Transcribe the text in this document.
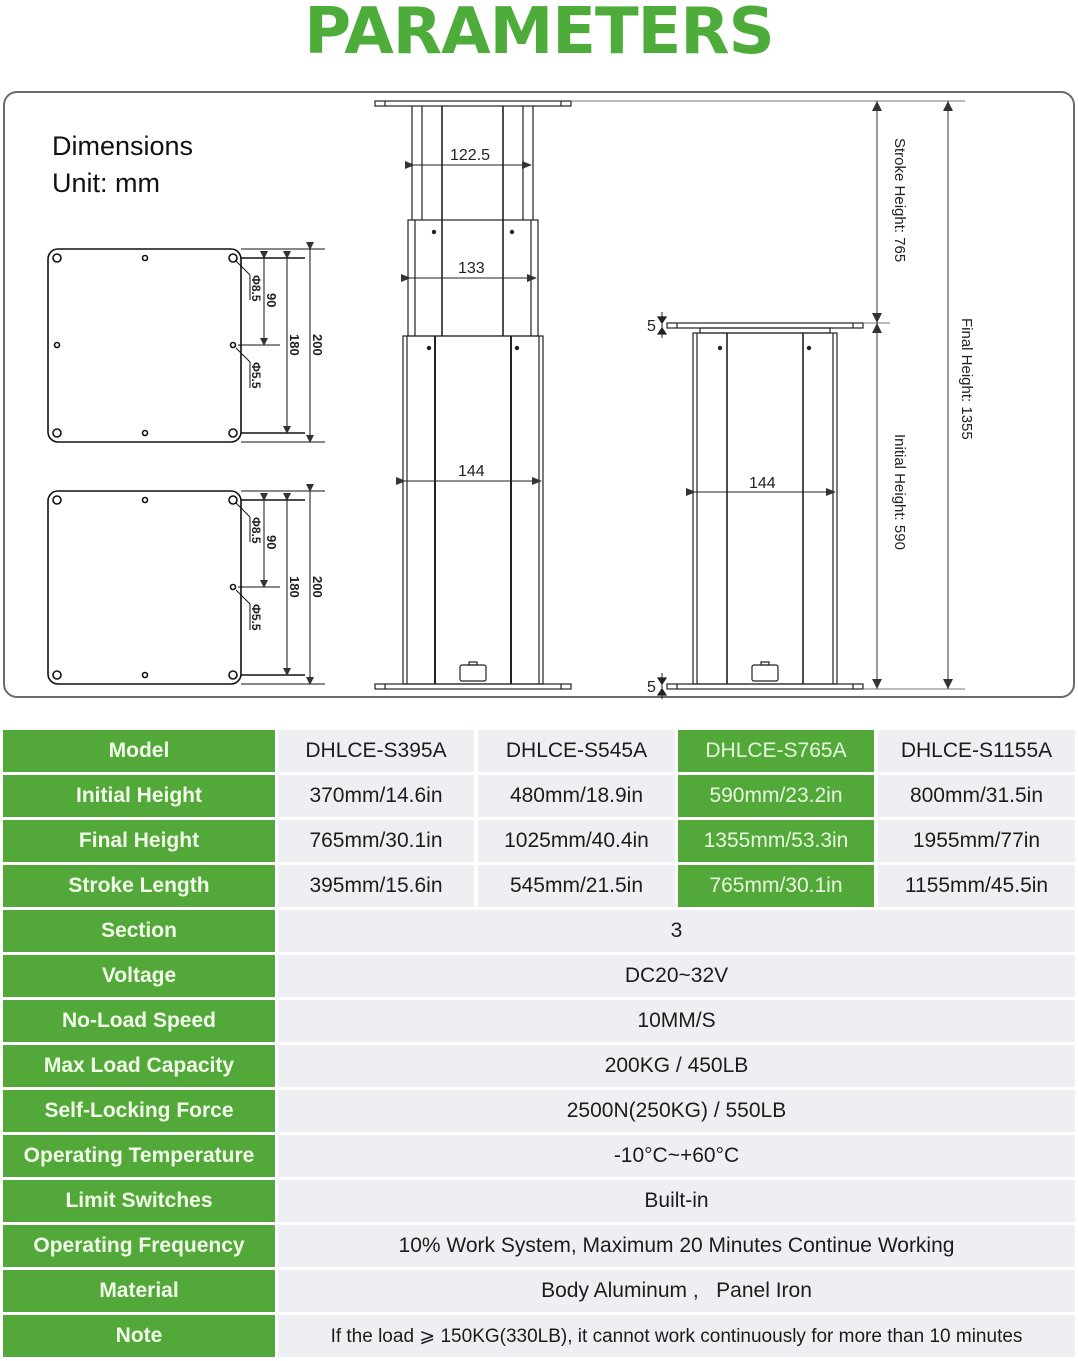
PARAMETERS
Dimensions
Unit: mm
Φ8.5
Φ5.5
90
180 200
Φ8.5
Φ5.5
90
180 200
122.5
133
144
144
5
5
Stroke Height: 765
Initial Height: 590
Final Height: 1355
Model	DHLCE-S395A	DHLCE-S545A	DHLCE-S765A	DHLCE-S1155A
Initial Height	370mm/14.6in	480mm/18.9in	590mm/23.2in	800mm/31.5in
Final Height	765mm/30.1in	1025mm/40.4in	1355mm/53.3in	1955mm/77in
Stroke Length	395mm/15.6in	545mm/21.5in	765mm/30.1in	1155mm/45.5in
Section	3
Voltage	DC20~32V
No-Load Speed	10MM/S
Max Load Capacity	200KG / 450LB
Self-Locking Force	2500N(250KG) / 550LB
Operating Temperature	-10°C~+60°C
Limit Switches	Built-in
Operating Frequency	10% Work System, Maximum 20 Minutes Continue Working
Material	Body Aluminum ,   Panel Iron
Note	If the load ⩾ 150KG(330LB), it cannot work continuously for more than 10 minutes
